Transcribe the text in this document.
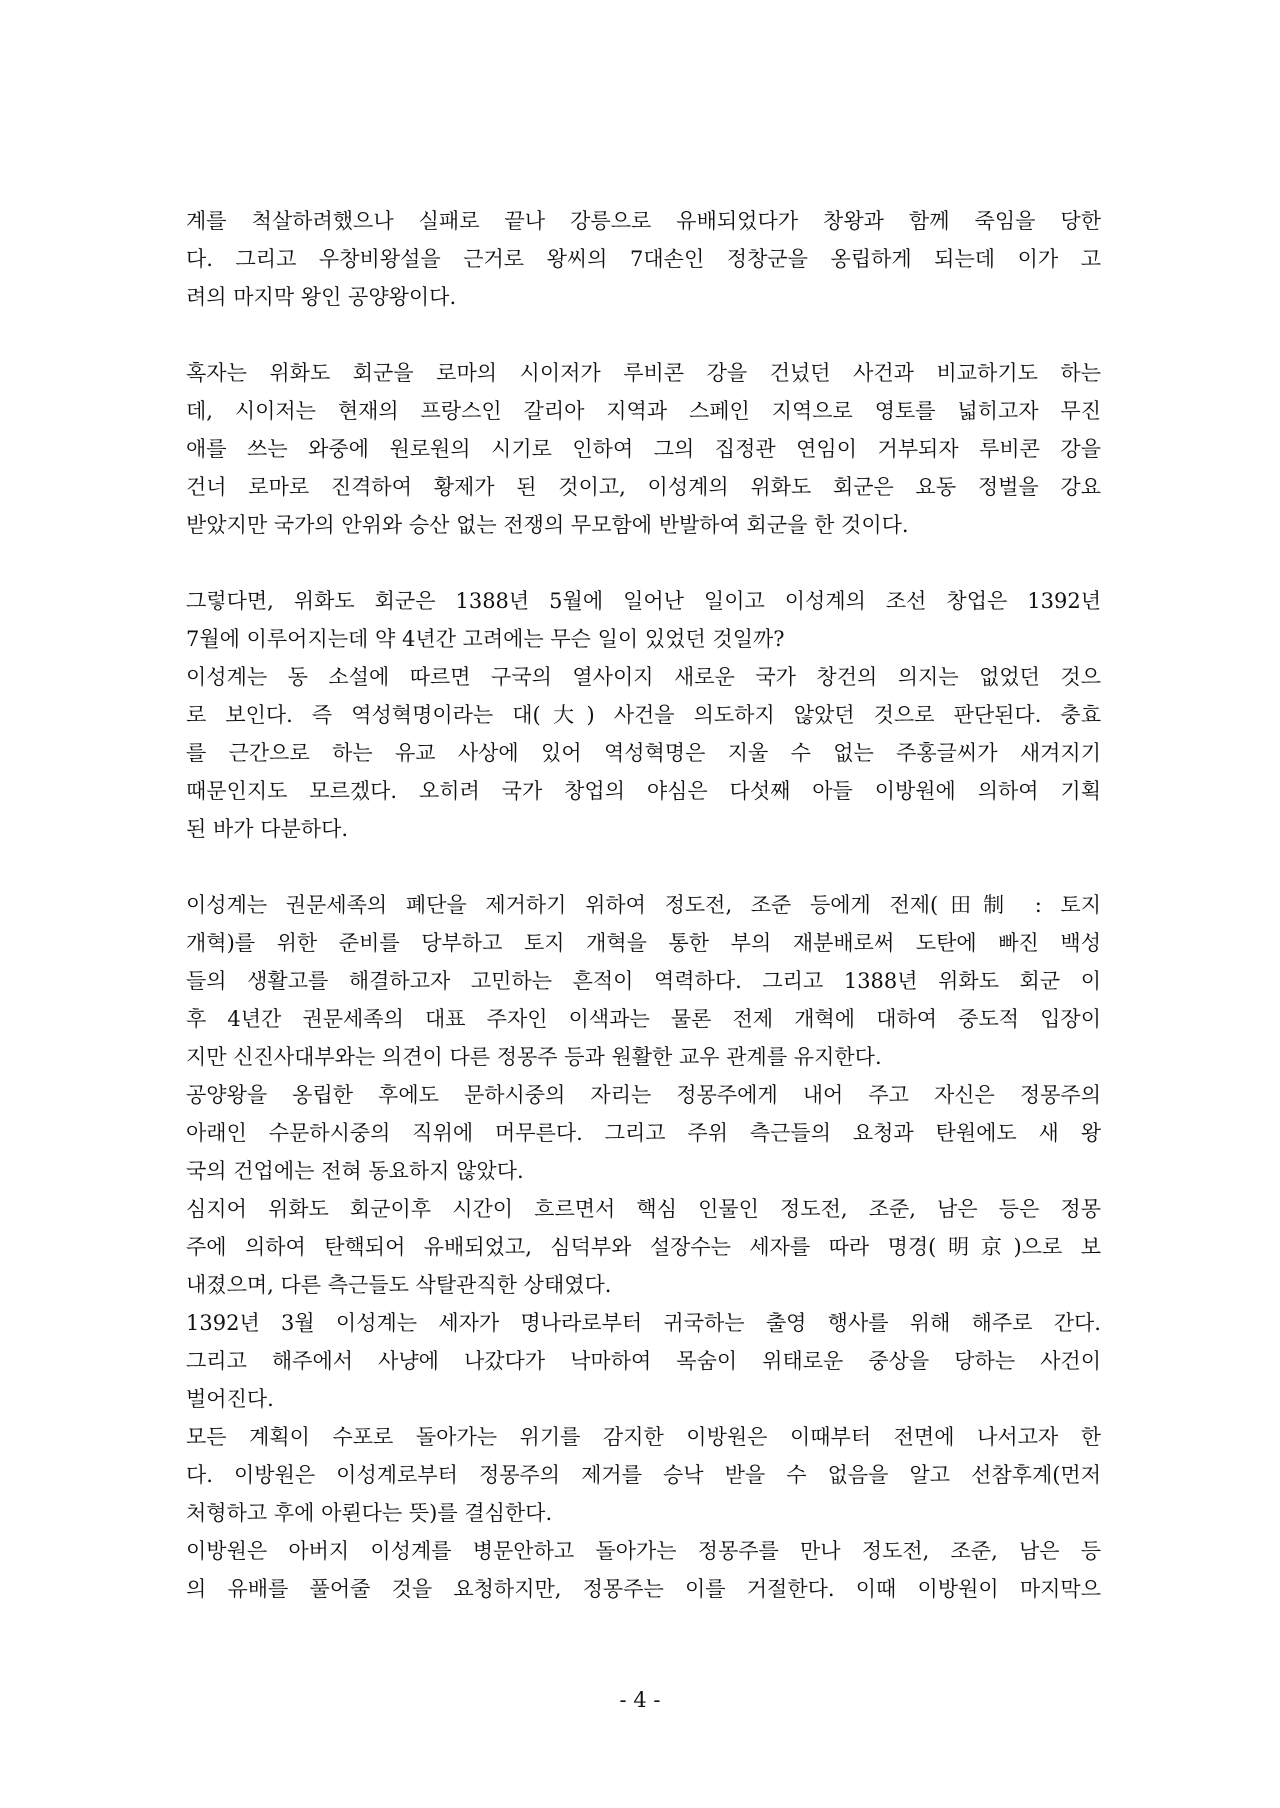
계를 척살하려했으나 실패로 끝나 강릉으로 유배되었다가 창왕과 함께 죽임을 당한
다. 그리고 우창비왕설을 근거로 왕씨의 7대손인 정창군을 옹립하게 되는데 이가 고
려의 마지막 왕인 공양왕이다.
혹자는 위화도 회군을 로마의 시이저가 루비콘 강을 건넜던 사건과 비교하기도 하는
데, 시이저는 현재의 프랑스인 갈리아 지역과 스페인 지역으로 영토를 넓히고자 무진
애를 쓰는 와중에 원로원의 시기로 인하여 그의 집정관 연임이 거부되자 루비콘 강을
건너 로마로 진격하여 황제가 된 것이고, 이성계의 위화도 회군은 요동 정벌을 강요
받았지만 국가의 안위와 승산 없는 전쟁의 무모함에 반발하여 회군을 한 것이다.
그렇다면, 위화도 회군은 1388년 5월에 일어난 일이고 이성계의 조선 창업은 1392년
7월에 이루어지는데 약 4년간 고려에는 무슨 일이 있었던 것일까?
이성계는 동 소설에 따르면 구국의 열사이지 새로운 국가 창건의 의지는 없었던 것으
로 보인다. 즉 역성혁명이라는 대(大) 사건을 의도하지 않았던 것으로 판단된다. 충효
를 근간으로 하는 유교 사상에 있어 역성혁명은 지울 수 없는 주홍글씨가 새겨지기
때문인지도 모르겠다. 오히려 국가 창업의 야심은 다섯째 아들 이방원에 의하여 기획
된 바가 다분하다.
이성계는 권문세족의 폐단을 제거하기 위하여 정도전, 조준 등에게 전제(田制 : 토지
개혁)를 위한 준비를 당부하고 토지 개혁을 통한 부의 재분배로써 도탄에 빠진 백성
들의 생활고를 해결하고자 고민하는 흔적이 역력하다. 그리고 1388년 위화도 회군 이
후 4년간 권문세족의 대표 주자인 이색과는 물론 전제 개혁에 대하여 중도적 입장이
지만 신진사대부와는 의견이 다른 정몽주 등과 원활한 교우 관계를 유지한다.
공양왕을 옹립한 후에도 문하시중의 자리는 정몽주에게 내어 주고 자신은 정몽주의
아래인 수문하시중의 직위에 머무른다. 그리고 주위 측근들의 요청과 탄원에도 새 왕
국의 건업에는 전혀 동요하지 않았다.
심지어 위화도 회군이후 시간이 흐르면서 핵심 인물인 정도전, 조준, 남은 등은 정몽
주에 의하여 탄핵되어 유배되었고, 심덕부와 설장수는 세자를 따라 명경(明京)으로 보
내졌으며, 다른 측근들도 삭탈관직한 상태였다.
1392년 3월 이성계는 세자가 명나라로부터 귀국하는 출영 행사를 위해 해주로 간다.
그리고 해주에서 사냥에 나갔다가 낙마하여 목숨이 위태로운 중상을 당하는 사건이
벌어진다.
모든 계획이 수포로 돌아가는 위기를 감지한 이방원은 이때부터 전면에 나서고자 한
다. 이방원은 이성계로부터 정몽주의 제거를 승낙 받을 수 없음을 알고 선참후계(먼저
처형하고 후에 아뢴다는 뜻)를 결심한다.
이방원은 아버지 이성계를 병문안하고 돌아가는 정몽주를 만나 정도전, 조준, 남은 등
의 유배를 풀어줄 것을 요청하지만, 정몽주는 이를 거절한다. 이때 이방원이 마지막으
- 4 -
